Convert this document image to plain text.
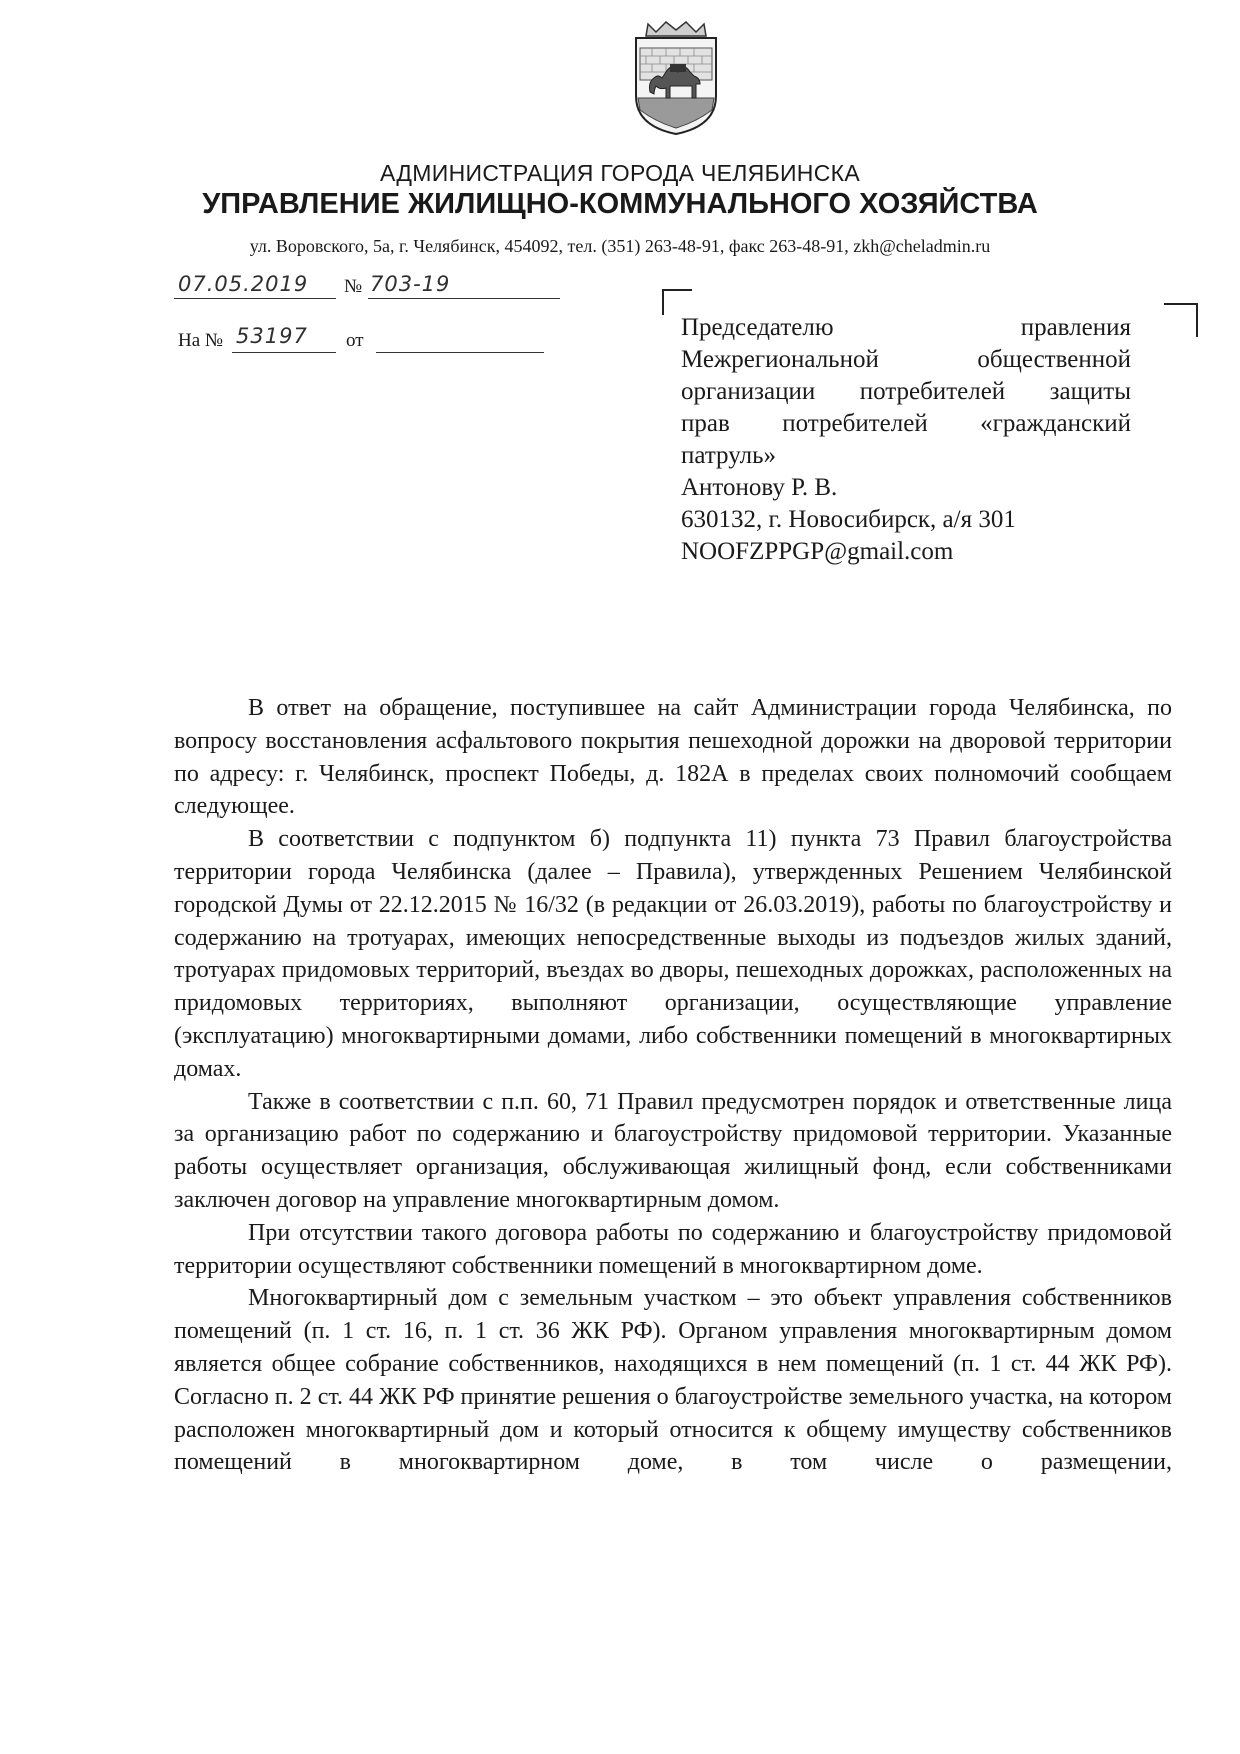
АДМИНИСТРАЦИЯ ГОРОДА ЧЕЛЯБИНСКА
УПРАВЛЕНИЕ ЖИЛИЩНО-КОММУНАЛЬНОГО ХОЗЯЙСТВА
ул. Воровского, 5а, г. Челябинск, 454092, тел. (351) 263-48-91, факс 263-48-91, zkh@cheladmin.ru
07.05.2019 № 703-19
На № 53197 от	Председателю правления
Межрегиональной общественной
организации потребителей защиты
прав потребителей «гражданский
патруль»
Антонову Р. В.
630132, г. Новосибирск, а/я 301
NOOFZPPGP@gmail.com

В ответ на обращение, поступившее на сайт Администрации города Челябинска, по вопросу восстановления асфальтового покрытия пешеходной дорожки на дворовой территории по адресу: г. Челябинск, проспект Победы, д. 182А в пределах своих полномочий сообщаем следующее.

В соответствии с подпунктом б) подпункта 11) пункта 73 Правил благоустройства территории города Челябинска (далее – Правила), утвержденных Решением Челябинской городской Думы от 22.12.2015 № 16/32 (в редакции от 26.03.2019), работы по благоустройству и содержанию на тротуарах, имеющих непосредственные выходы из подъездов жилых зданий, тротуарах придомовых территорий, въездах во дворы, пешеходных дорожках, расположенных на придомовых территориях, выполняют организации, осуществляющие управление (эксплуатацию) многоквартирными домами, либо собственники помещений в многоквартирных домах.

Также в соответствии с п.п. 60, 71 Правил предусмотрен порядок и ответственные лица за организацию работ по содержанию и благоустройству придомовой территории. Указанные работы осуществляет организация, обслуживающая жилищный фонд, если собственниками заключен договор на управление многоквартирным домом.

При отсутствии такого договора работы по содержанию и благоустройству придомовой территории осуществляют собственники помещений в многоквартирном доме.

Многоквартирный дом с земельным участком – это объект управления собственников помещений (п. 1 ст. 16, п. 1 ст. 36 ЖК РФ). Органом управления многоквартирным домом является общее собрание собственников, находящихся в нем помещений (п. 1 ст. 44 ЖК РФ). Согласно п. 2 ст. 44 ЖК РФ принятие решения о благоустройстве земельного участка, на котором расположен многоквартирный дом и который относится к общему имуществу собственников помещений в многоквартирном доме, в том числе о размещении,
